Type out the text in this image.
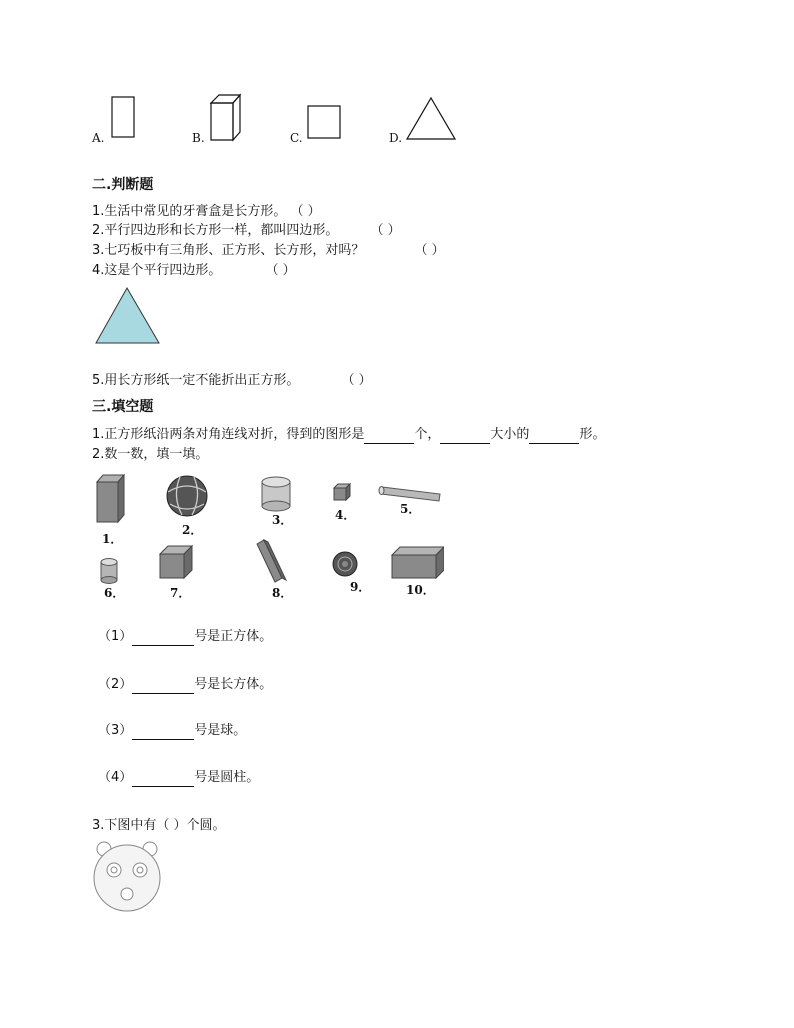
A.	B.	C.	D.
二.判断题
1.生活中常见的牙膏盒是长方形。 （ ）
2.平行四边形和长方形一样，都叫四边形。 （ ）
3.七巧板中有三角形、正方形、长方形，对吗？	（ ）
4.这是个平行四边形。	（ ）
5.用长方形纸一定不能折出正方形。	（ ）
三.填空题
1.正方形纸沿两条对角连线对折，得到的图形是	个，	大小的	形。
2.数一数，填一填。
1．
2．
3．	4．	5．
6．	7．	8．	9．	10．
（1）	号是正方体。
（2）	号是长方体。
（3）	号是球。
（4）	号是圆柱。
3.下图中有（ ）个圆。
